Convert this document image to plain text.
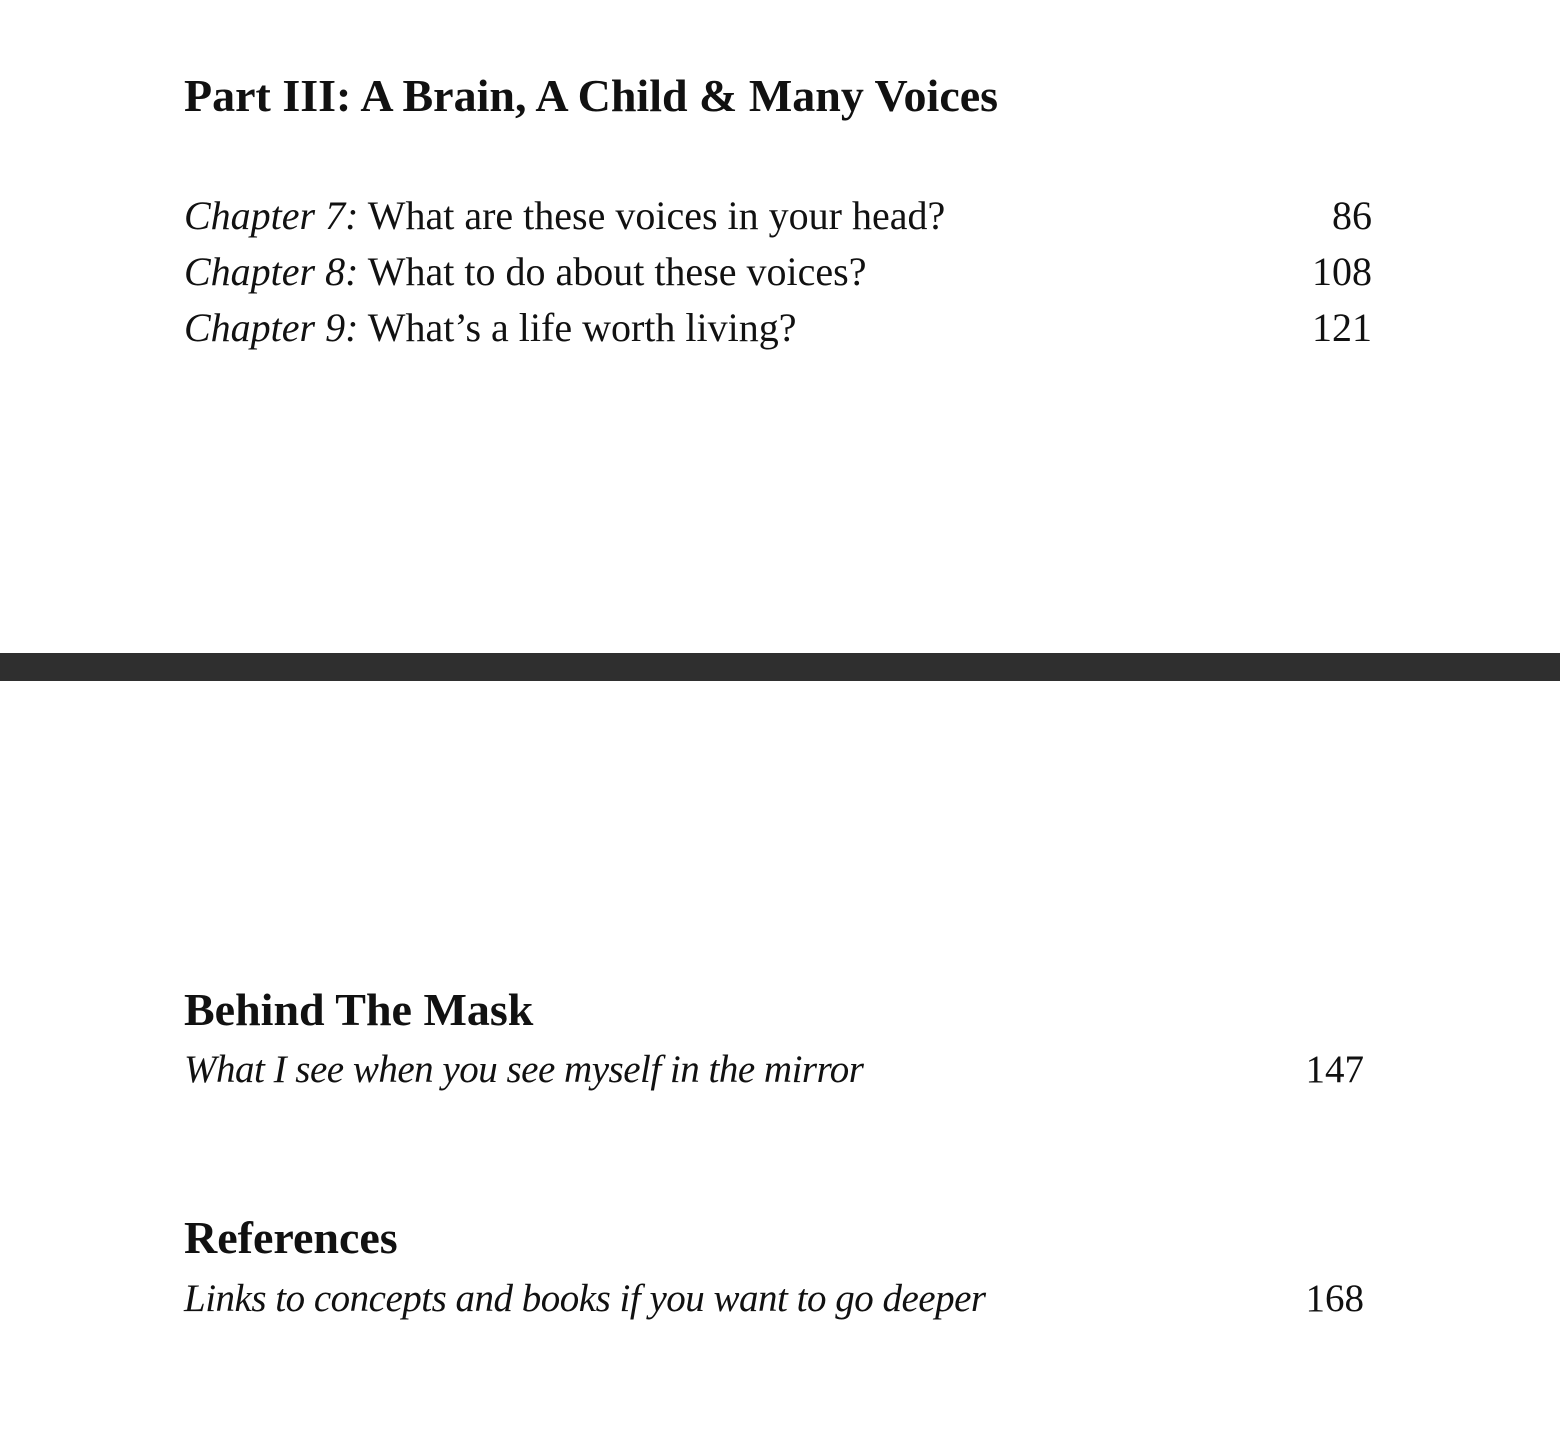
Part III: A Brain, A Child & Many Voices
Chapter 7: What are these voices in your head?	86
Chapter 8: What to do about these voices?	108
Chapter 9: What’s a life worth living?	121
Behind The Mask
What I see when you see myself in the mirror	147
References
Links to concepts and books if you want to go deeper	168
